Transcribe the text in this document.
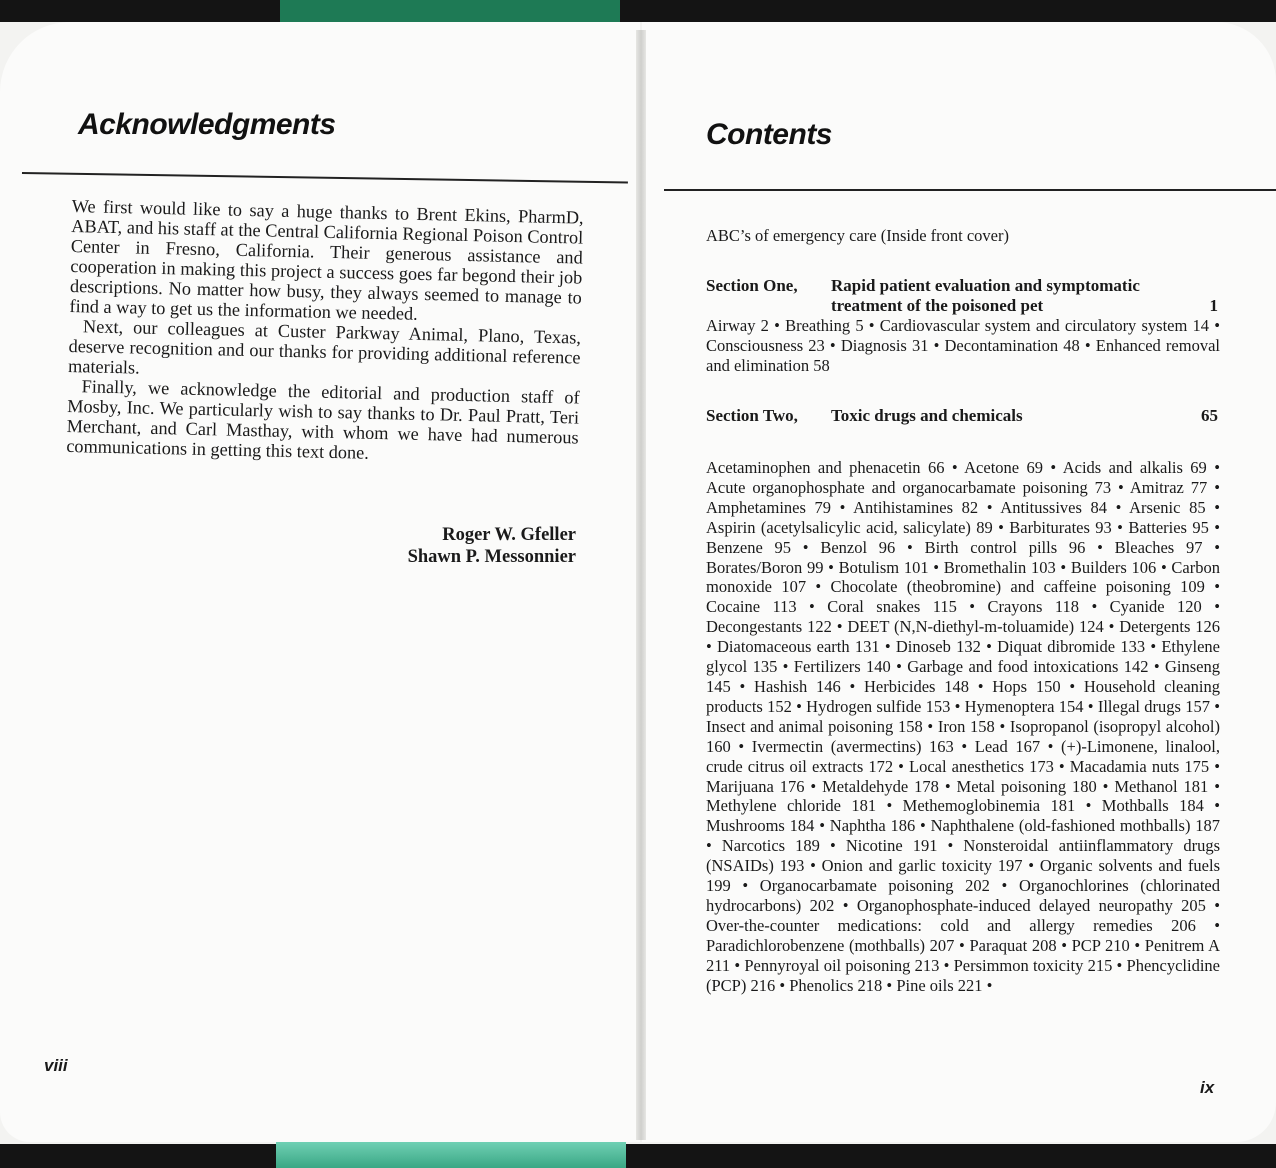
Acknowledgments

We first would like to say a huge thanks to Brent Ekins, PharmD, ABAT, and his staff at the Central California Regional Poison Control Center in Fresno, California. Their generous assistance and cooperation in making this project a success goes far begond their job descriptions. No matter how busy, they always seemed to manage to find a way to get us the information we needed.

Next, our colleagues at Custer Parkway Animal, Plano, Texas, deserve recognition and our thanks for providing additional reference materials.

Finally, we acknowledge the editorial and production staff of Mosby, Inc. We particularly wish to say thanks to Dr. Paul Pratt, Teri Merchant, and Carl Masthay, with whom we have had numerous communications in getting this text done.

Roger W. Gfeller
Shawn P. Messonnier
viii
Contents
ABC’s of emergency care (Inside front cover)
Section One, Rapid patient evaluation and symptomatic treatment of the poisoned pet	1
Airway 2 • Breathing 5 • Cardiovascular system and circulatory system 14 • Consciousness 23 • Diagnosis 31 • Decontamination 48 • Enhanced removal and elimination 58
Section Two, Toxic drugs and chemicals	65
Acetaminophen and phenacetin 66 • Acetone 69 • Acids and alkalis 69 • Acute organophosphate and organocarbamate poisoning 73 • Amitraz 77 • Amphetamines 79 • Antihistamines 82 • Antitussives 84 • Arsenic 85 • Aspirin (acetylsalicylic acid, salicylate) 89 • Barbiturates 93 • Batteries 95 • Benzene 95 • Benzol 96 • Birth control pills 96 • Bleaches 97 • Borates/Boron 99 • Botulism 101 • Bromethalin 103 • Builders 106 • Carbon monoxide 107 • Chocolate (theobromine) and caffeine poisoning 109 • Cocaine 113 • Coral snakes 115 • Crayons 118 • Cyanide 120 • Decongestants 122 • DEET (N,N-diethyl-m-toluamide) 124 • Detergents 126 • Diatomaceous earth 131 • Dinoseb 132 • Diquat dibromide 133 • Ethylene glycol 135 • Fertilizers 140 • Garbage and food intoxications 142 • Ginseng 145 • Hashish 146 • Herbicides 148 • Hops 150 • Household cleaning products 152 • Hydrogen sulfide 153 • Hymenoptera 154 • Illegal drugs 157 • Insect and animal poisoning 158 • Iron 158 • Isopropanol (isopropyl alcohol) 160 • Ivermectin (avermectins) 163 • Lead 167 • (+)-Limonene, linalool, crude citrus oil extracts 172 • Local anesthetics 173 • Macadamia nuts 175 • Marijuana 176 • Metaldehyde 178 • Metal poisoning 180 • Methanol 181 • Methylene chloride 181 • Methemoglobinemia 181 • Mothballs 184 • Mushrooms 184 • Naphtha 186 • Naphthalene (old-fashioned mothballs) 187 • Narcotics 189 • Nicotine 191 • Nonsteroidal antiinflammatory drugs (NSAIDs) 193 • Onion and garlic toxicity 197 • Organic solvents and fuels 199 • Organocarbamate poisoning 202 • Organochlorines (chlorinated hydrocarbons) 202 • Organophosphate-induced delayed neuropathy 205 • Over-the-counter medications: cold and allergy remedies 206 • Paradichlorobenzene (mothballs) 207 • Paraquat 208 • PCP 210 • Penitrem A 211 • Pennyroyal oil poisoning 213 • Persimmon toxicity 215 • Phencyclidine (PCP) 216 • Phenolics 218 • Pine oils 221 •
ix
